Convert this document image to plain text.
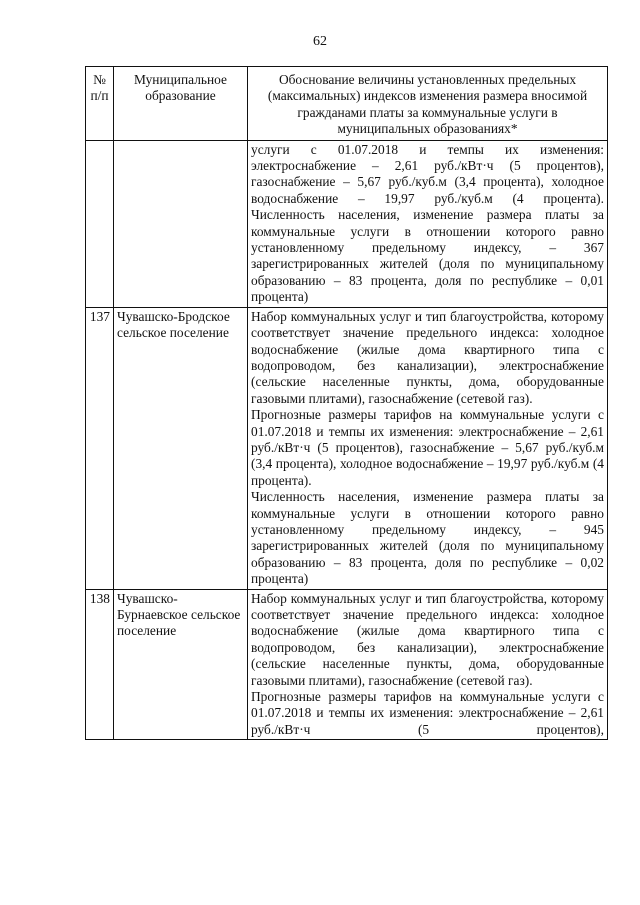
62
№ п/п	Муниципальное образование	Обоснование величины установленных предельных (максимальных) индексов изменения размера вносимой гражданами платы за коммунальные услуги в муниципальных образованиях*

		услуги с 01.07.2018 и темпы их изменения: электроснабжение – 2,61 руб./кВт·ч (5 процентов), газоснабжение – 5,67 руб./куб.м (3,4 процента), холодное водоснабжение – 19,97 руб./куб.м (4 процента).

Численность населения, изменение размера платы за коммунальные услуги в отношении которого равно установленному предельному индексу, – 367 зарегистрированных жителей (доля по муниципальному образованию – 83 процента, доля по республике – 0,01 процента)

137	Чувашско-Бродское сельское поселение	Набор коммунальных услуг и тип благоустройства, которому соответствует значение предельного индекса: холодное водоснабжение (жилые дома квартирного типа с водопроводом, без канализации), электроснабжение (сельские населенные пункты, дома, оборудованные газовыми плитами), газоснабжение (сетевой газ).

Прогнозные размеры тарифов на коммунальные услуги с 01.07.2018 и темпы их изменения: электроснабжение – 2,61 руб./кВт·ч (5 процентов), газоснабжение – 5,67 руб./куб.м (3,4 процента), холодное водоснабжение – 19,97 руб./куб.м (4 процента).

Численность населения, изменение размера платы за коммунальные услуги в отношении которого равно установленному предельному индексу, – 945 зарегистрированных жителей (доля по муниципальному образованию – 83 процента, доля по республике – 0,02 процента)

138	Чувашско-Бурнаевское сельское поселение	Набор коммунальных услуг и тип благоустройства, которому соответствует значение предельного индекса: холодное водоснабжение (жилые дома квартирного типа с водопроводом, без канализации), электроснабжение (сельские населенные пункты, дома, оборудованные газовыми плитами), газоснабжение (сетевой газ).

Прогнозные размеры тарифов на коммунальные услуги с 01.07.2018 и темпы их изменения: электроснабжение – 2,61 руб./кВт·ч (5 процентов),
